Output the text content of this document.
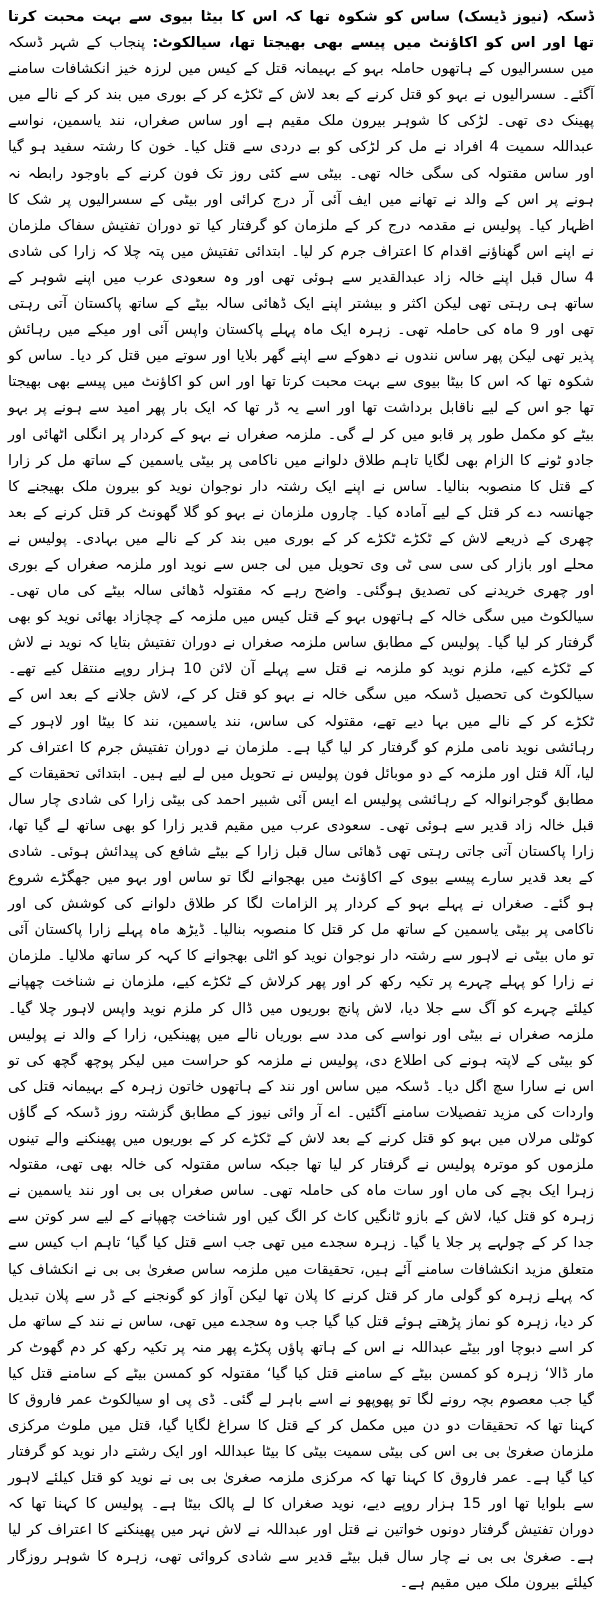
ڈسکہ (نیوز ڈیسک) ساس کو شکوہ تھا کہ اس کا بیٹا بیوی سے بہت محبت کرتا تھا اور اس کو اکاؤنٹ میں پیسے بھی بھیجتا تھا، سیالکوٹ: پنجاب کے شہر ڈسکہ میں سسرالیوں کے ہاتھوں حاملہ بہو کے بہیمانہ قتل کے کیس میں لرزہ خیز انکشافات سامنے آگئے۔ سسرالیوں نے بہو کو قتل کرنے کے بعد لاش کے ٹکڑے کر کے بوری میں بند کر کے نالے میں پھینک دی تھی۔ لڑکی کا شوہر بیرون ملک مقیم ہے اور ساس صغراں، نند یاسمین، نواسے عبداللہ سمیت 4 افراد نے مل کر لڑکی کو بے دردی سے قتل کیا۔ خون کا رشتہ سفید ہو گیا اور ساس مقتولہ کی سگی خالہ تھی۔ بیٹی سے کئی روز تک فون کرنے کے باوجود رابطہ نہ ہونے پر اس کے والد نے تھانے میں ایف آئی آر درج کرائی اور بیٹی کے سسرالیوں پر شک کا اظہار کیا۔ پولیس نے مقدمہ درج کر کے ملزمان کو گرفتار کیا تو دوران تفتیش سفاک ملزمان نے اپنے اس گھناؤنے اقدام کا اعتراف جرم کر لیا۔ ابتدائی تفتیش میں پتہ چلا کہ زارا کی شادی 4 سال قبل اپنے خالہ زاد عبدالقدیر سے ہوئی تھی اور وہ سعودی عرب میں اپنے شوہر کے ساتھ ہی رہتی تھی لیکن اکثر و بیشتر اپنے ایک ڈھائی سالہ بیٹے کے ساتھ پاکستان آتی رہتی تھی اور 9 ماہ کی حاملہ تھی۔ زہرہ ایک ماہ پہلے پاکستان واپس آئی اور میکے میں رہائش پذیر تھی لیکن پھر ساس نندوں نے دھوکے سے اپنے گھر بلایا اور سوتے میں قتل کر دیا۔ ساس کو شکوہ تھا کہ اس کا بیٹا بیوی سے بہت محبت کرتا تھا اور اس کو اکاؤنٹ میں پیسے بھی بھیجتا تھا جو اس کے لیے ناقابل برداشت تھا اور اسے یہ ڈر تھا کہ ایک بار پھر امید سے ہونے پر بہو بیٹے کو مکمل طور پر قابو میں کر لے گی۔ ملزمہ صغراں نے بہو کے کردار پر انگلی اٹھائی اور جادو ٹونے کا الزام بھی لگایا تاہم طلاق دلوانے میں ناکامی پر بیٹی یاسمین کے ساتھ مل کر زارا کے قتل کا منصوبہ بنالیا۔ ساس نے اپنے ایک رشتہ دار نوجوان نوید کو بیرون ملک بھیجنے کا جھانسہ دے کر قتل کے لیے آمادہ کیا۔ چاروں ملزمان نے بہو کو گلا گھونٹ کر قتل کرنے کے بعد چھری کے ذریعے لاش کے ٹکڑے ٹکڑے کر کے بوری میں بند کر کے نالے میں بہادی۔ پولیس نے محلے اور بازار کی سی سی ٹی وی تحویل میں لی جس سے نوید اور ملزمہ صغراں کے بوری اور چھری خریدنے کی تصدیق ہوگئی۔ واضح رہے کہ مقتولہ ڈھائی سالہ بیٹے کی ماں تھی۔ سیالکوٹ میں سگی خالہ کے ہاتھوں بہو کے قتل کیس میں ملزمہ کے چچازاد بھائی نوید کو بھی گرفتار کر لیا گیا۔ پولیس کے مطابق ساس ملزمہ صغراں نے دوران تفتیش بتایا کہ نوید نے لاش کے ٹکڑے کیے، ملزم نوید کو ملزمہ نے قتل سے پہلے آن لائن 10 ہزار روپے منتقل کیے تھے۔ سیالکوٹ کی تحصیل ڈسکہ میں سگی خالہ نے بہو کو قتل کر کے، لاش جلانے کے بعد اس کے ٹکڑے کر کے نالے میں بہا دیے تھے، مقتولہ کی ساس، نند یاسمین، نند کا بیٹا اور لاہور کے رہائشی نوید نامی ملزم کو گرفتار کر لیا گیا ہے۔ ملزمان نے دوران تفتیش جرم کا اعتراف کر لیا، آلۂ قتل اور ملزمہ کے دو موبائل فون پولیس نے تحویل میں لے لیے ہیں۔ ابتدائی تحقیقات کے مطابق گوجرانوالہ کے رہائشی پولیس اے ایس آئی شبیر احمد کی بیٹی زارا کی شادی چار سال قبل خالہ زاد قدیر سے ہوئی تھی۔ سعودی عرب میں مقیم قدیر زارا کو بھی ساتھ لے گیا تھا، زارا پاکستان آتی جاتی رہتی تھی ڈھائی سال قبل زارا کے بیٹے شافع کی پیدائش ہوئی۔ شادی کے بعد قدیر سارے پیسے بیوی کے اکاؤنٹ میں بھجوانے لگا تو ساس اور بہو میں جھگڑے شروع ہو گئے۔ صغراں نے پہلے بہو کے کردار پر الزامات لگا کر طلاق دلوانے کی کوشش کی اور ناکامی پر بیٹی یاسمین کے ساتھ مل کر قتل کا منصوبہ بنالیا۔ ڈیڑھ ماہ پہلے زارا پاکستان آئی تو ماں بیٹی نے لاہور سے رشتہ دار نوجوان نوید کو اٹلی بھجوانے کا کہہ کر ساتھ ملالیا۔ ملزمان نے زارا کو پہلے چہرے پر تکیہ رکھ کر اور پھر کرلاش کے ٹکڑے کیے، ملزمان نے شناخت چھپانے کیلئے چہرے کو آگ سے جلا دیا، لاش پانچ بوریوں میں ڈال کر ملزم نوید واپس لاہور چلا گیا۔ ملزمہ صغراں نے بیٹی اور نواسے کی مدد سے بوریاں نالے میں پھینکیں، زارا کے والد نے پولیس کو بیٹی کے لاپتہ ہونے کی اطلاع دی، پولیس نے ملزمہ کو حراست میں لیکر پوچھ گچھ کی تو اس نے سارا سچ اگل دیا۔ ڈسکہ میں ساس اور نند کے ہاتھوں خاتون زہرہ کے بہیمانہ قتل کی واردات کی مزید تفصیلات سامنے آگئیں۔ اے آر وائی نیوز کے مطابق گزشتہ روز ڈسکہ کے گاؤں کوٹلی مرلاں میں بہو کو قتل کرنے کے بعد لاش کے ٹکڑے کر کے بوریوں میں پھینکنے والے تینوں ملزموں کو موترہ پولیس نے گرفتار کر لیا تھا جبکہ ساس مقتولہ کی خالہ بھی تھی، مقتولہ زہرا ایک بچے کی ماں اور سات ماہ کی حاملہ تھی۔ ساس صغراں بی بی اور نند یاسمین نے زہرہ کو قتل کیا، لاش کے بازو ٹانگیں کاٹ کر الگ کیں اور شناخت چھپانے کے لیے سر کوتن سے جدا کر کے چولہے پر جلا یا گیا۔ زہرہ سجدے میں تھی جب اسے قتل کیا گیا‘ تاہم اب کیس سے متعلق مزید انکشافات سامنے آئے ہیں، تحقیقات میں ملزمہ ساس صغریٰ بی بی نے انکشاف کیا کہ پہلے زہرہ کو گولی مار کر قتل کرنے کا پلان تھا لیکن آواز کو گونجنے کے ڈر سے پلان تبدیل کر دیا، زہرہ کو نماز پڑھتے ہوئے قتل کیا گیا جب وہ سجدے میں تھی، ساس نے نند کے ساتھ مل کر اسے دبوچا اور بیٹے عبداللہ نے اس کے ہاتھ پاؤں پکڑے پھر منہ پر تکیہ رکھ کر دم گھوٹ کر مار ڈالا‘ زہرہ کو کمسن بیٹے کے سامنے قتل کیا گیا‘ مقتولہ کو کمسن بیٹے کے سامنے قتل کیا گیا جب معصوم بچہ رونے لگا تو پھوپھو نے اسے باہر لے گئی۔ ڈی پی او سیالکوٹ عمر فاروق کا کہنا تھا کہ تحقیقات دو دن میں مکمل کر کے قتل کا سراغ لگایا گیا، قتل میں ملوث مرکزی ملزمان صغریٰ بی بی اس کی بیٹی سمیت بیٹی کا بیٹا عبداللہ اور ایک رشتے دار نوید کو گرفتار کیا گیا ہے۔ عمر فاروق کا کہنا تھا کہ مرکزی ملزمہ صغریٰ بی بی نے نوید کو قتل کیلئے لاہور سے بلوایا تھا اور 15 ہزار روپے دیے، نوید صغراں کا لے پالک بیٹا ہے۔ پولیس کا کہنا تھا کہ دوران تفتیش گرفتار دونوں خواتین نے قتل اور عبداللہ نے لاش نہر میں پھینکنے کا اعتراف کر لیا ہے۔ صغریٰ بی بی نے چار سال قبل بیٹے قدیر سے شادی کروائی تھی، زہرہ کا شوہر روزگار کیلئے بیرون ملک میں مقیم ہے۔
